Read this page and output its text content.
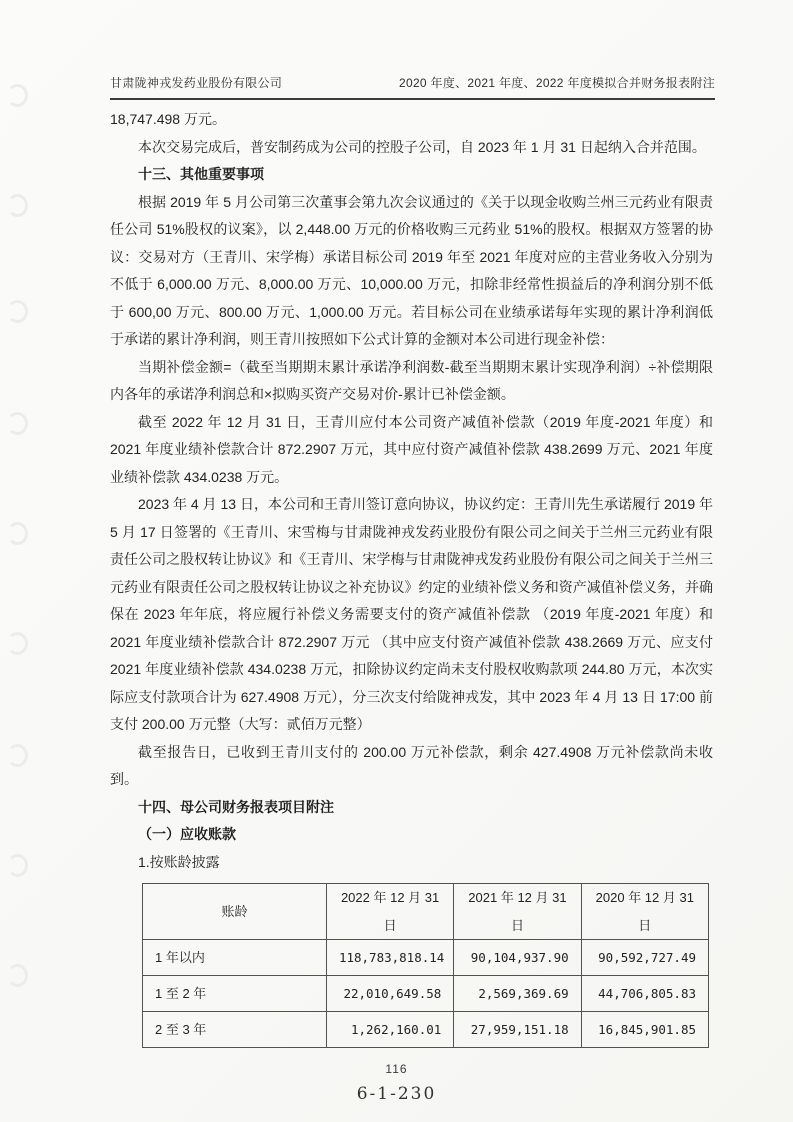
甘肃陇神戎发药业股份有限公司	2020 年度、2021 年度、2022 年度模拟合并财务报表附注

18,747.498 万元。

本次交易完成后，普安制药成为公司的控股子公司，自 2023 年 1 月 31 日起纳入合并范围。

十三、其他重要事项

根据 2019 年 5 月公司第三次董事会第九次会议通过的《关于以现金收购兰州三元药业有限责任公司 51%股权的议案》，以 2,448.00 万元的价格收购三元药业 51%的股权。根据双方签署的协议：交易对方（王青川、宋学梅）承诺目标公司 2019 年至 2021 年度对应的主营业务收入分别为不低于 6,000.00 万元、8,000.00 万元、10,000.00 万元，扣除非经常性损益后的净利润分别不低于 600,00 万元、800.00 万元、1,000.00 万元。若目标公司在业绩承诺每年实现的累计净利润低于承诺的累计净利润，则王青川按照如下公式计算的金额对本公司进行现金补偿：

当期补偿金额=（截至当期期末累计承诺净利润数-截至当期期末累计实现净利润）÷补偿期限内各年的承诺净利润总和×拟购买资产交易对价-累计已补偿金额。

截至 2022 年 12 月 31 日，王青川应付本公司资产减值补偿款（2019 年度-2021 年度）和 2021 年度业绩补偿款合计 872.2907 万元，其中应付资产减值补偿款 438.2699 万元、2021 年度业绩补偿款 434.0238 万元。

2023 年 4 月 13 日，本公司和王青川签订意向协议，协议约定：王青川先生承诺履行 2019 年 5 月 17 日签署的《王青川、宋雪梅与甘肃陇神戎发药业股份有限公司之间关于兰州三元药业有限责任公司之股权转让协议》和《王青川、宋学梅与甘肃陇神戎发药业股份有限公司之间关于兰州三元药业有限责任公司之股权转让协议之补充协议》约定的业绩补偿义务和资产减值补偿义务，并确保在 2023 年年底，将应履行补偿义务需要支付的资产减值补偿款 （2019 年度-2021 年度）和 2021 年度业绩补偿款合计 872.2907 万元 （其中应支付资产减值补偿款 438.2669 万元、应支付 2021 年度业绩补偿款 434.0238 万元，扣除协议约定尚未支付股权收购款项 244.80 万元，本次实际应支付款项合计为 627.4908 万元），分三次支付给陇神戎发，其中 2023 年 4 月 13 日 17:00 前支付 200.00 万元整（大写：贰佰万元整）

截至报告日，已收到王青川支付的 200.00 万元补偿款，剩余 427.4908 万元补偿款尚未收到。

十四、母公司财务报表项目附注

（一）应收账款

1.按账龄披露

账龄	2022 年 12 月 31 日	2021 年 12 月 31 日	2020 年 12 月 31 日
1 年以内	118,783,818.14	90,104,937.90	90,592,727.49
1 至 2 年	22,010,649.58	2,569,369.69	44,706,805.83
2 至 3 年	1,262,160.01	27,959,151.18	16,845,901.85
116
6-1-230
